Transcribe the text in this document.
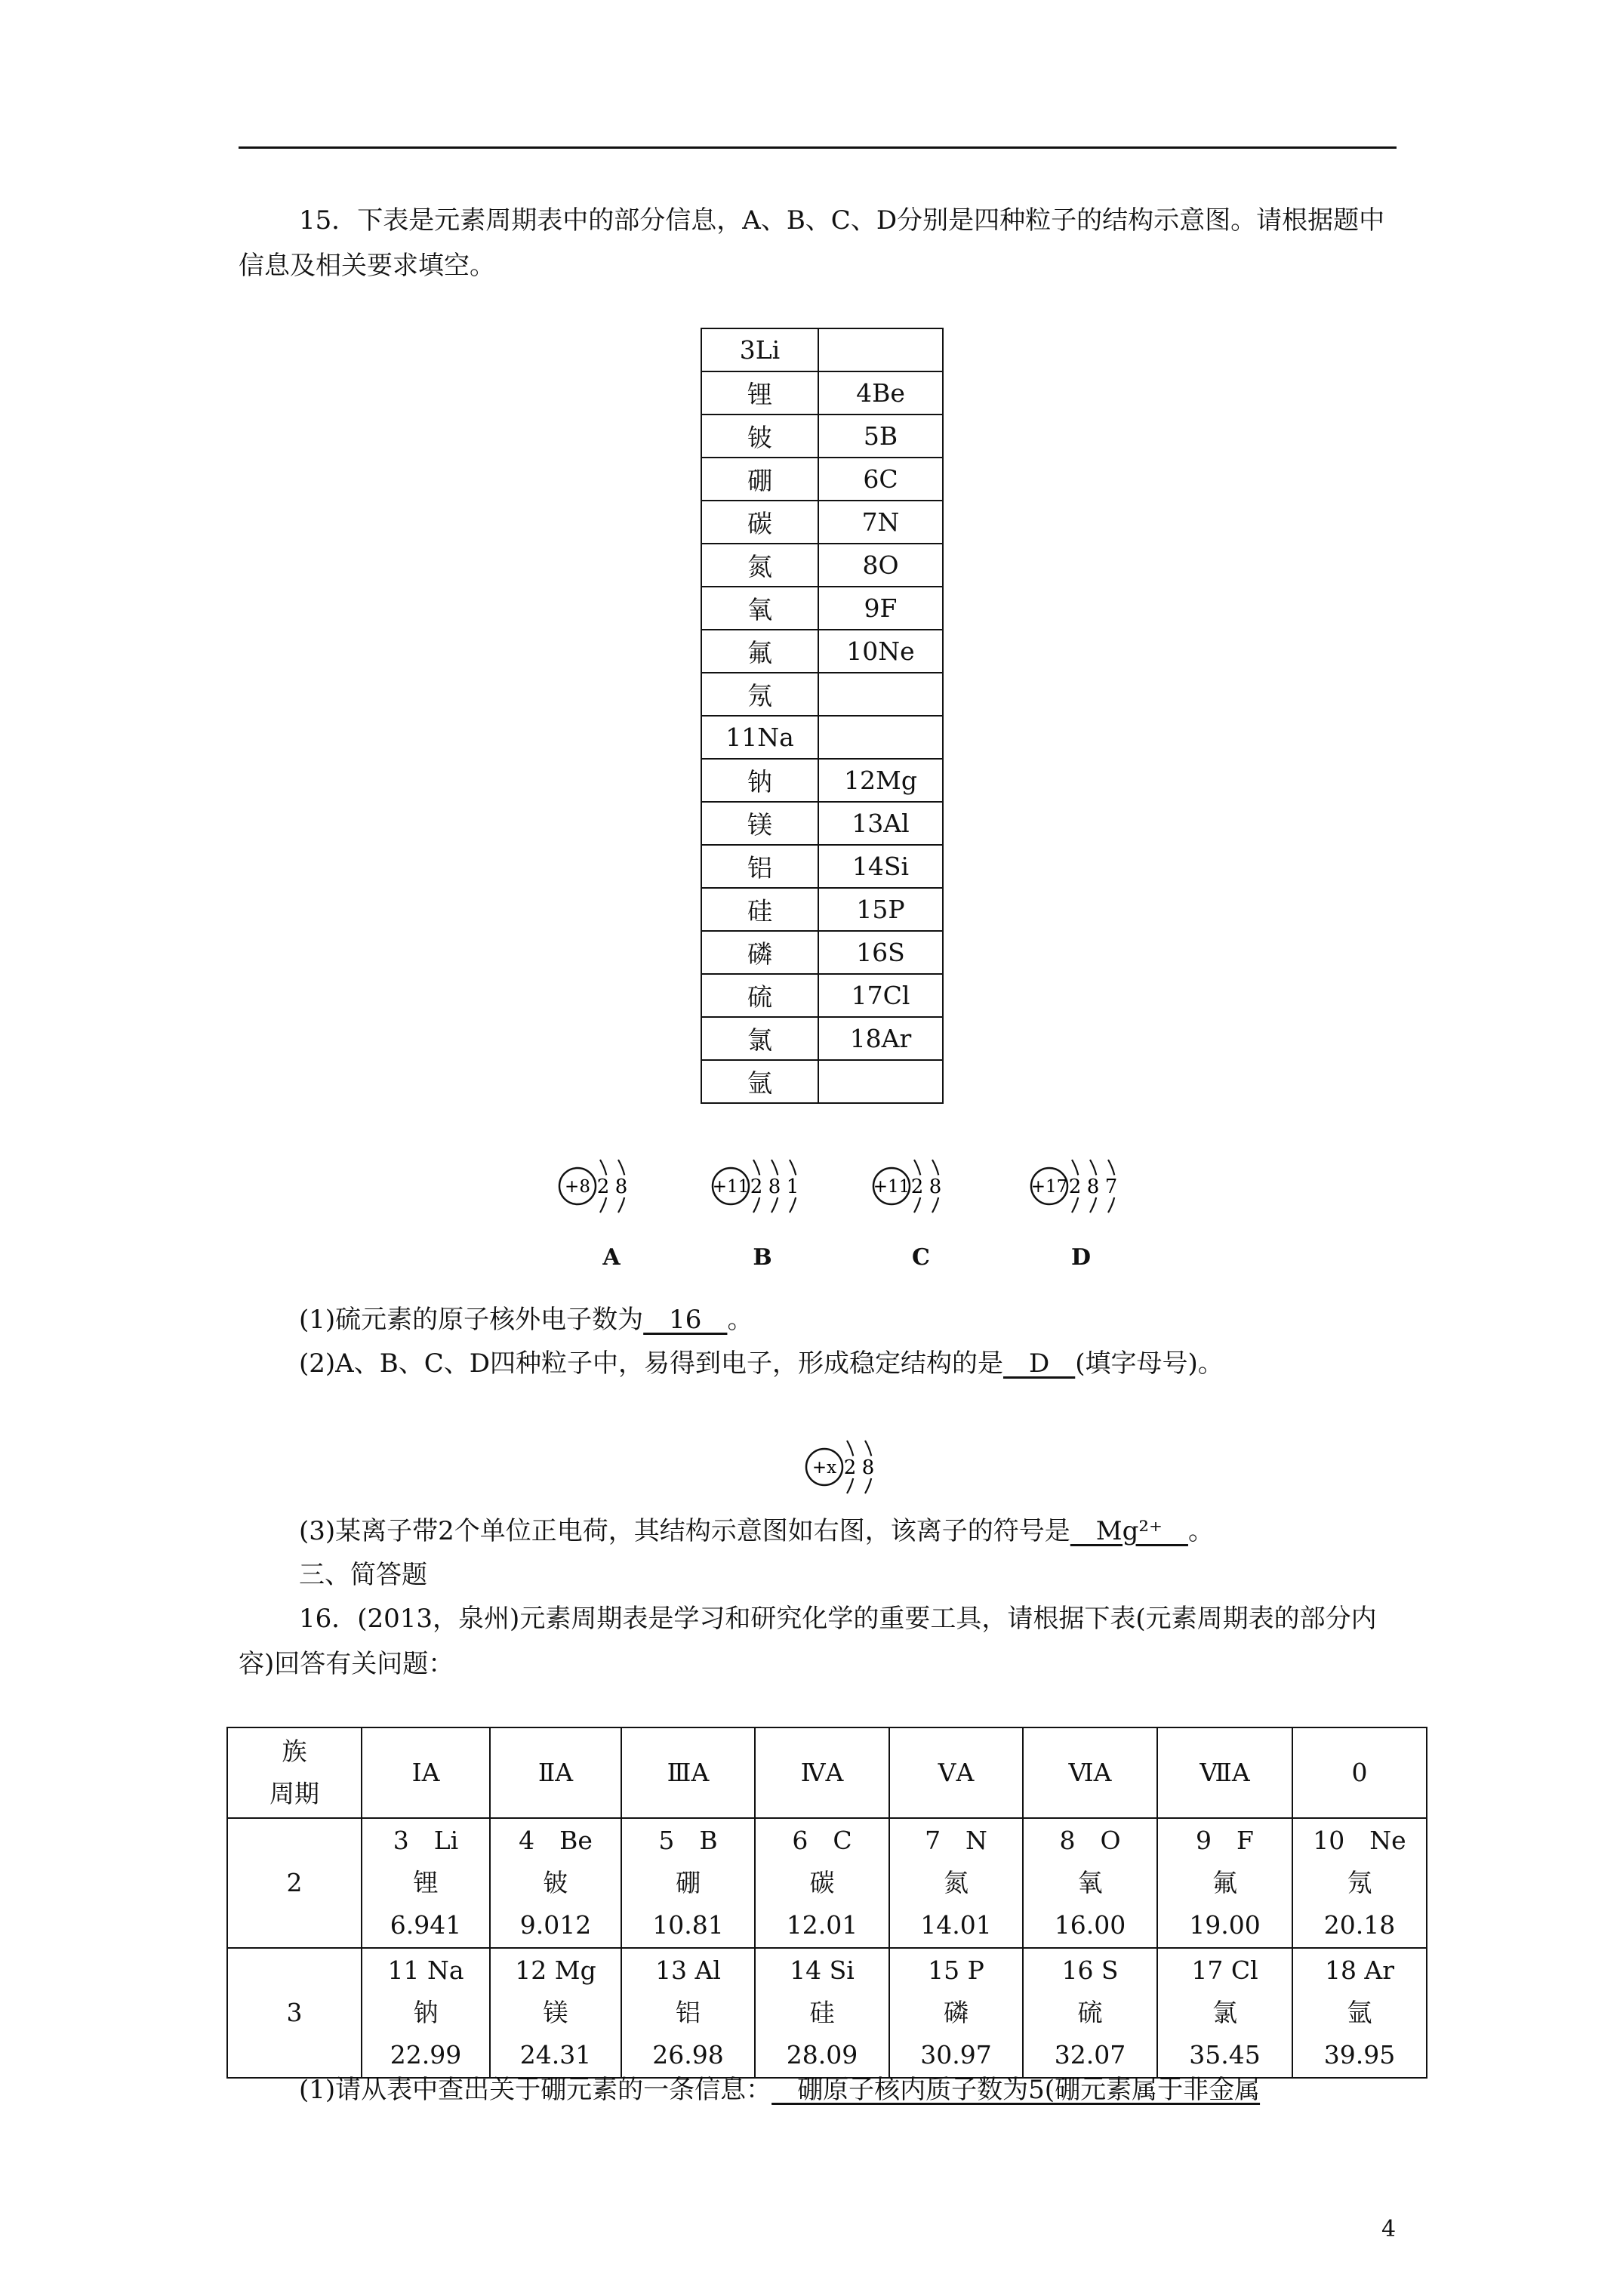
15．下表是元素周期表中的部分信息，A、B、C、D分别是四种粒子的结构示意图。请根据题中信息及相关要求填空。

3Li	
锂	4Be
铍	5B
硼	6C
碳	7N
氮	8O
氧	9F
氟	10Ne
氖	
11Na	
钠	12Mg
镁	13Al
铝	14Si
硅	15P
磷	16S
硫	17Cl
氯	18Ar
氩	
+8 2 8
A
+11 2 8 1
B
+11 2 8
C
+17 2 8 7
D

(1)硫元素的原子核外电子数为　16　。

(2)A、B、C、D四种粒子中，易得到电子，形成稳定结构的是　D　(填字母号)。

+x 2 8

(3)某离子带2个单位正电荷，其结构示意图如右图，该离子的符号是　Mg²⁺　。

三、简答题

16．(2013，泉州)元素周期表是学习和研究化学的重要工具，请根据下表(元素周期表的部分内容)回答有关问题：

族
周期	ⅠA	ⅡA	ⅢA	ⅣA	ⅤA	ⅥA	ⅦA	0
2	3　Li
锂
6.941	4　Be
铍
9.012	5　B
硼
10.81	6　C
碳
12.01	7　N
氮
14.01	8　O
氧
16.00	9　F
氟
19.00	10　Ne
氖
20.18

3	11 Na
钠
22.99	12 Mg
镁
24.31	13 Al
铝
26.98	14 Si
硅
28.09	15 P
磷
30.97	16 S
硫
32.07	17 Cl
氯
35.45	18 Ar
氩
39.95

(1)请从表中查出关于硼元素的一条信息：__硼原子核内质子数为5(硼元素属于非金属

4
